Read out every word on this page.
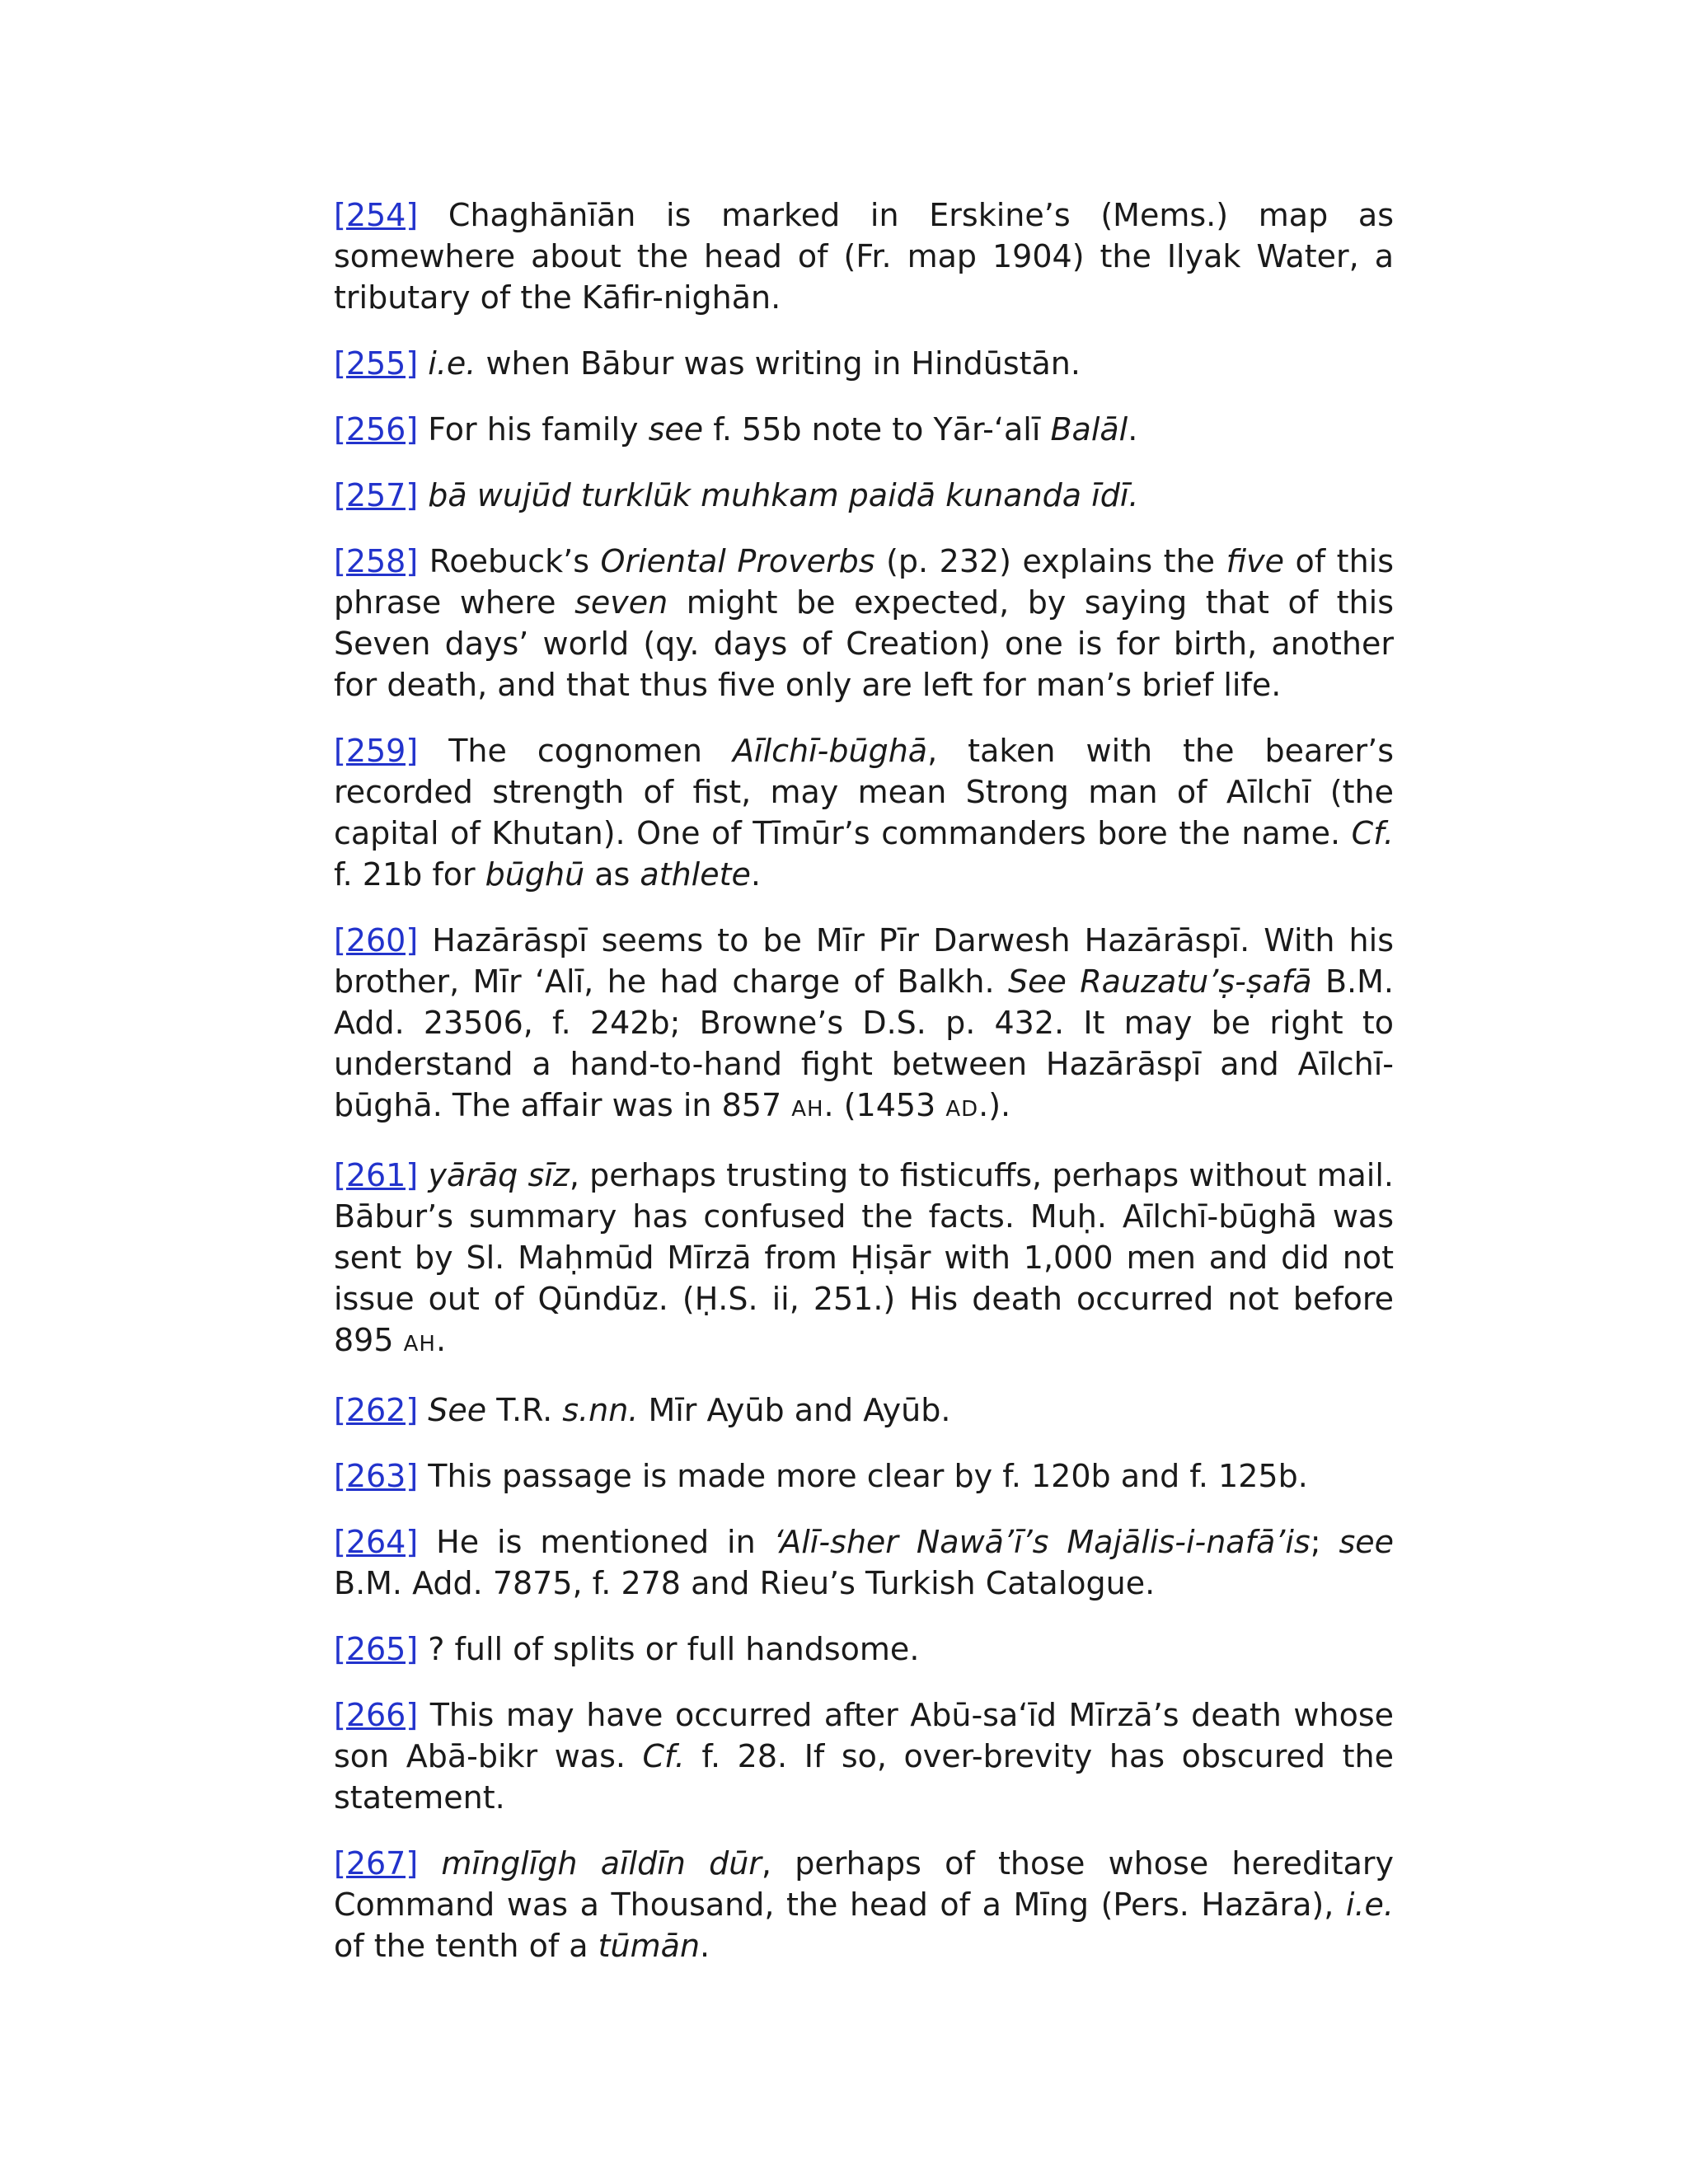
[254] Chaghānīān is marked in Erskine’s (Mems.) map as somewhere about the head of (Fr. map 1904) the Ilyak Water, a tributary of the Kāfir-nighān.

[255] i.e. when Bābur was writing in Hindūstān.

[256] For his family see f. 55b note to Yār-‘alī Balāl.

[257] bā wujūd turklūk muhkam paidā kunanda īdī.

[258] Roebuck’s Oriental Proverbs (p. 232) explains the five of this phrase where seven might be expected, by saying that of this Seven days’ world (qy. days of Creation) one is for birth, another for death, and that thus five only are left for man’s brief life.

[259] The cognomen Aīlchī-būghā, taken with the bearer’s recorded strength of fist, may mean Strong man of Aīlchī (the capital of Khutan). One of Tīmūr’s commanders bore the name. Cf. f. 21b for būghū as athlete.

[260] Hazārāspī seems to be Mīr Pīr Darwesh Hazārāspī. With his brother, Mīr ‘Alī, he had charge of Balkh. See Rauzatu’ṣ-ṣafā B.M. Add. 23506, f. 242b; Browne’s D.S. p. 432. It may be right to understand a hand-to-hand fight between Hazārāspī and Aīlchī-būghā. The affair was in 857 AH. (1453 AD.).

[261] yārāq sīz, perhaps trusting to fisticuffs, perhaps without mail. Bābur’s summary has confused the facts. Muḥ. Aīlchī-būghā was sent by Sl. Maḥmūd Mīrzā from Ḥiṣār with 1,000 men and did not issue out of Qūndūz. (Ḥ.S. ii, 251.) His death occurred not before 895 AH.

[262] See T.R. s.nn. Mīr Ayūb and Ayūb.

[263] This passage is made more clear by f. 120b and f. 125b.

[264] He is mentioned in ‘Alī-sher Nawā’ī’s Majālis-i-nafā’is; see B.M. Add. 7875, f. 278 and Rieu’s Turkish Catalogue.

[265] ? full of splits or full handsome.

[266] This may have occurred after Abū-sa‘īd Mīrzā’s death whose son Abā-bikr was. Cf. f. 28. If so, over-brevity has obscured the statement.

[267] mīnglīgh aīldīn dūr, perhaps of those whose hereditary Command was a Thousand, the head of a Mīng (Pers. Hazāra), i.e. of the tenth of a tūmān.
